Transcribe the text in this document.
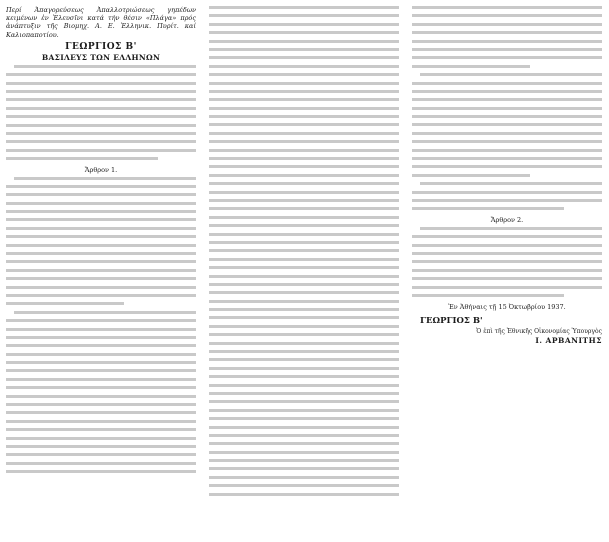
Περί Ἀπαγορεύσεως Ἀπαλλοτριώσεως γηπέδων κειμένων ἐν Ἑλευσῖνι κατά τήν θέσιν «Πλάγα» πρός ἀνάπτυξιν τῆς Βιομηχ. Α. Ε. Ἑλληνικ. Πυρίτ. καί Καλιοπαποτίου.

ΓΕΩΡΓΙΟΣ Β'
ΒΑΣΙΛΕΥΣ ΤΩΝ ΕΛΛΗΝΩΝ
Ἄρθρον 1.
Ἄρθρον 2.
Ἐν Ἀθήναις τῇ 15 Ὀκτωβρίου 1937.
ΓΕΩΡΓΙΟΣ Β'
Ὁ ἐπὶ τῆς Ἐθνικῆς Οἰκονομίας Ὑπουργὸς
Ι. ΑΡΒΑΝΙΤΗΣ
